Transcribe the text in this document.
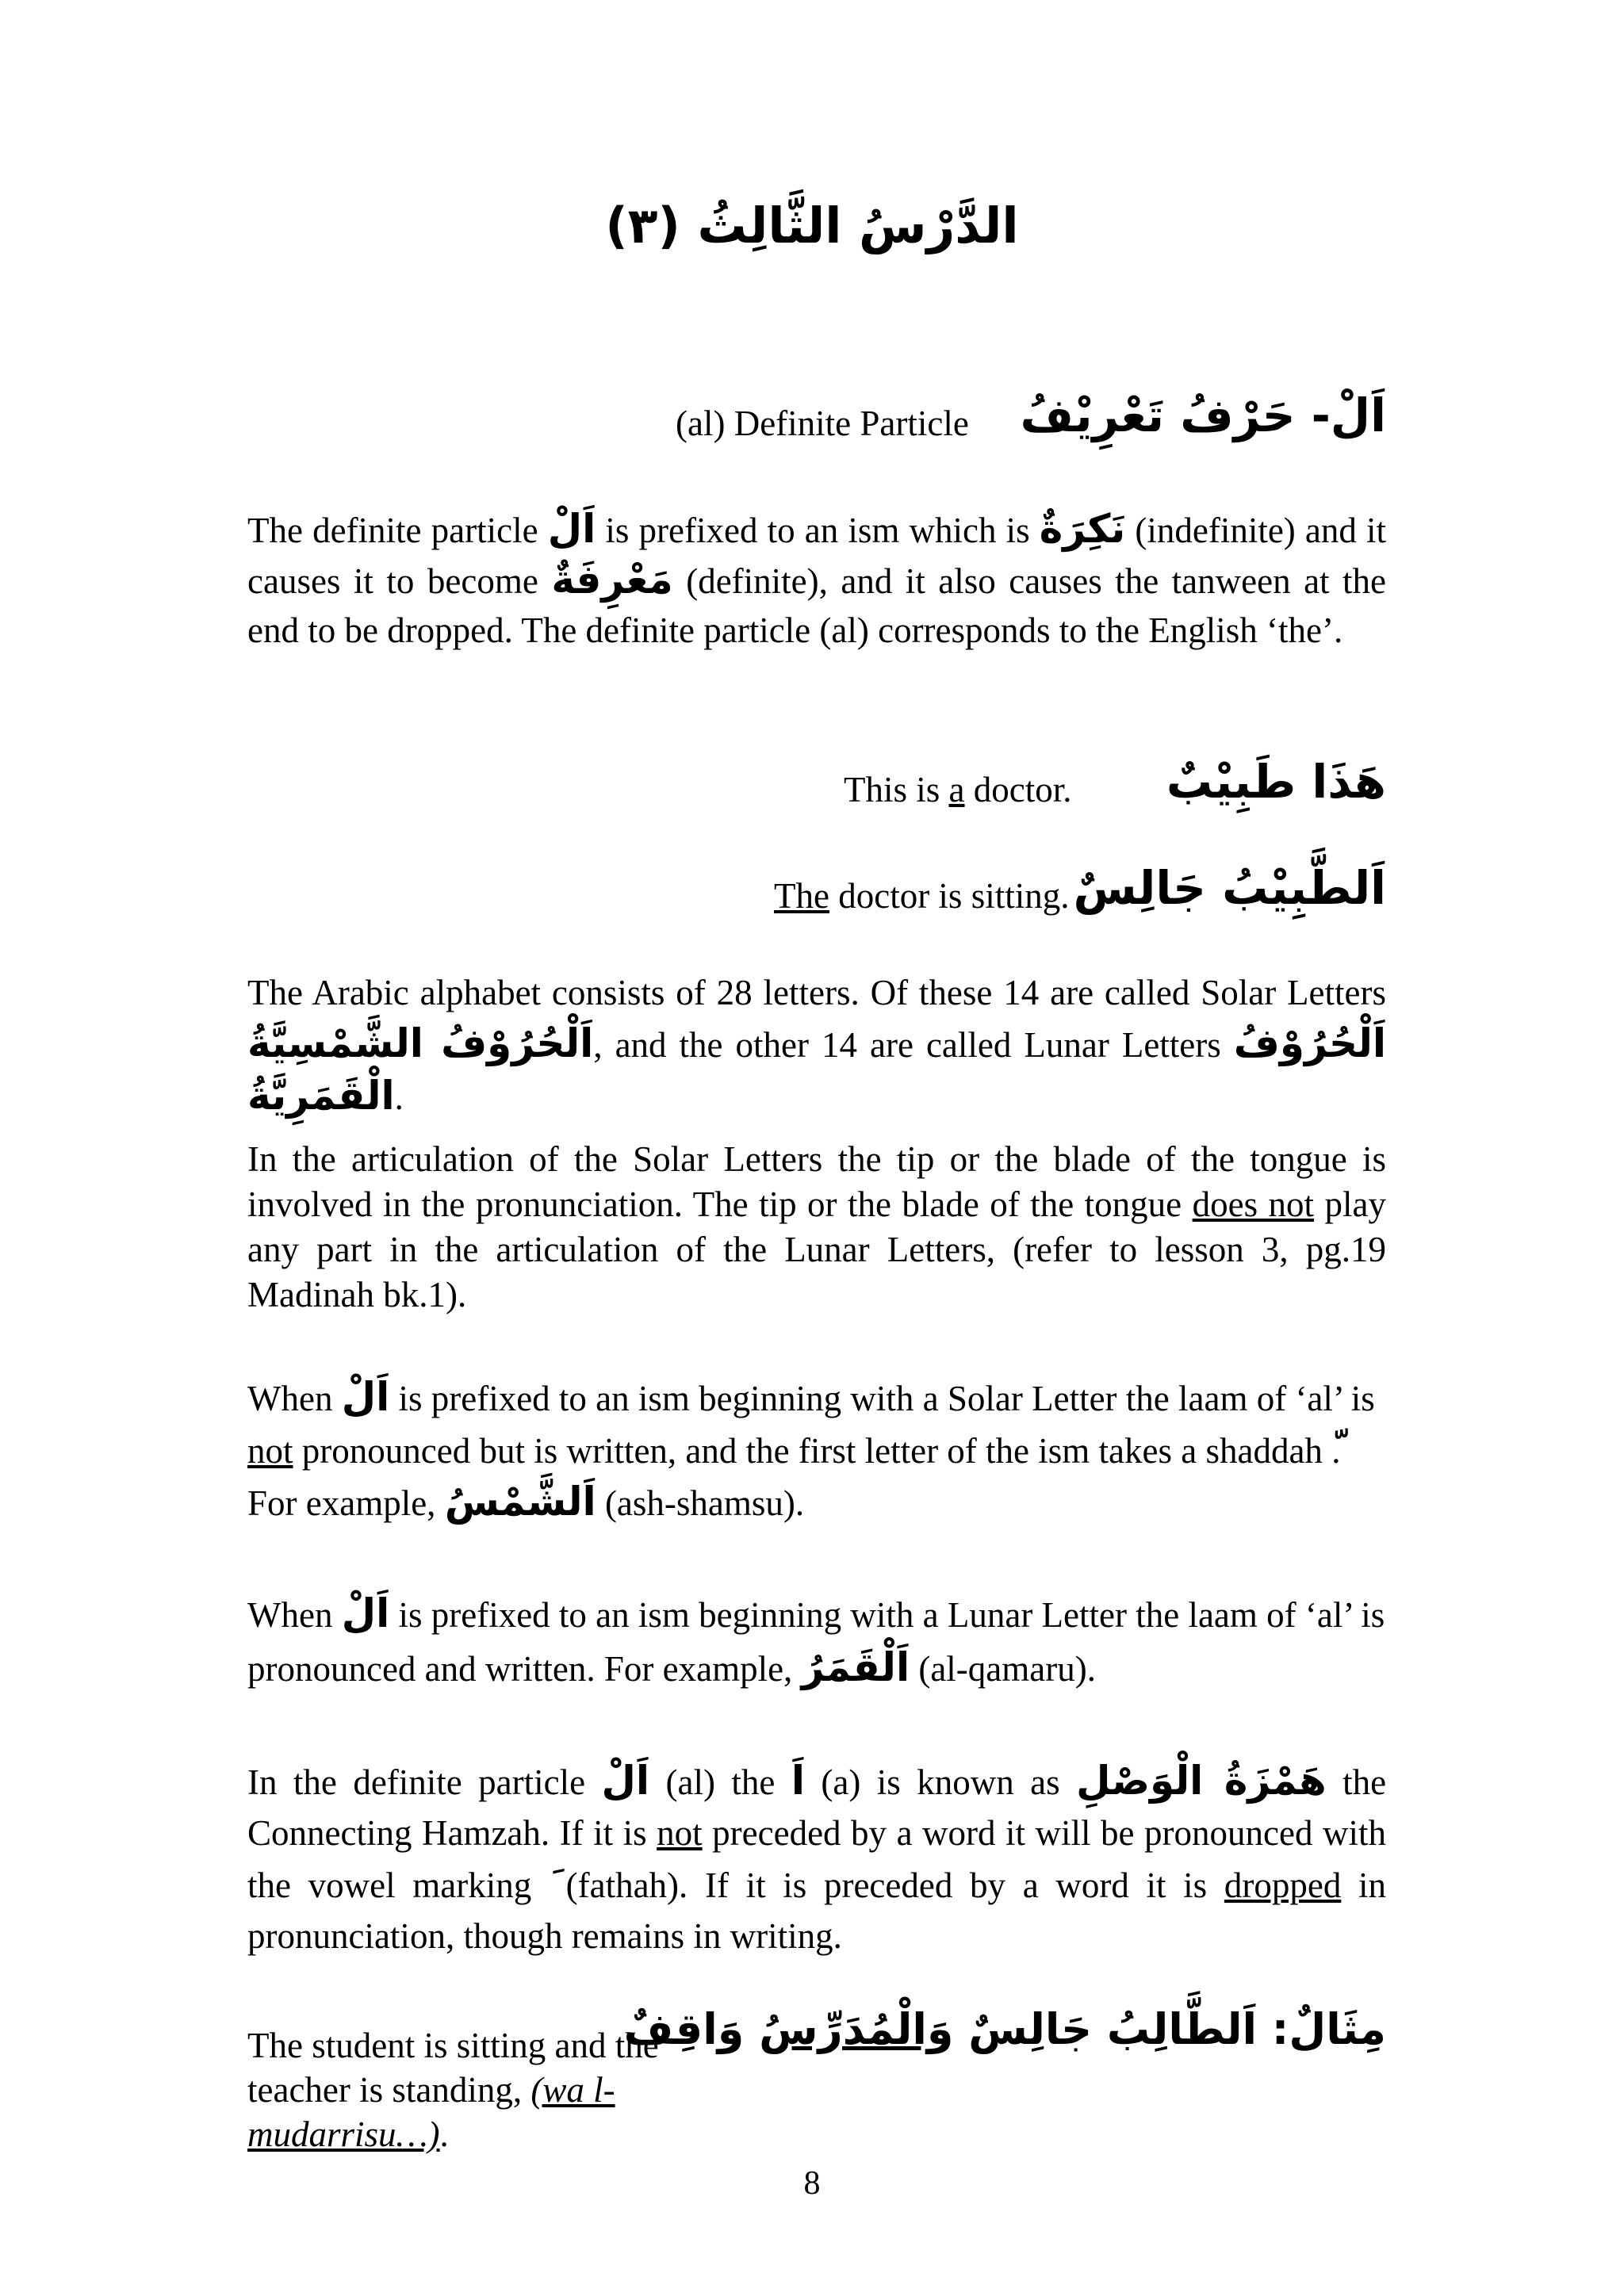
(٣) الدَّرْسُ الثَّالِثُ
(al) Definite Particle اَلْ- حَرْفُ تَعْرِيْفُ
The definite particle اَلْ is prefixed to an ism which is نَكِرَةٌ (indefinite) and it causes it to become مَعْرِفَةٌ (definite), and it also causes the tanween at the end to be dropped. The definite particle (al) corresponds to the English ‘the’.
This is a doctor. هَذَا طَبِيْبٌ
The doctor is sitting. اَلطَّبِيْبُ جَالِسٌ
The Arabic alphabet consists of 28 letters. Of these 14 are called Solar Letters اَلْحُرُوْفُ الشَّمْسِيَّةُ, and the other 14 are called Lunar Letters اَلْحُرُوْفُ الْقَمَرِيَّةُ.
In the articulation of the Solar Letters the tip or the blade of the tongue is involved in the pronunciation. The tip or the blade of the tongue does not play any part in the articulation of the Lunar Letters, (refer to lesson 3, pg.19 Madinah bk.1).
When اَلْ is prefixed to an ism beginning with a Solar Letter the laam of ‘al’ is not pronounced but is written, and the first letter of the ism takes a shaddah . For example, اَلشَّمْسُ (ash-shamsu).
When اَلْ is prefixed to an ism beginning with a Lunar Letter the laam of ‘al’ is pronounced and written. For example, اَلْقَمَرُ (al-qamaru).
In the definite particle اَلْ (al) the اَ (a) is known as هَمْزَةُ الْوَصْلِ the Connecting Hamzah. If it is not preceded by a word it will be pronounced with the vowel marking (fathah). If it is preceded by a word it is dropped in pronunciation, though remains in writing.
The student is sitting and the teacher is standing, (wa l-mudarrisu…).
مِثَالٌ: اَلطَّالِبُ جَالِسٌ وَالْمُدَرِّسُ وَاقِفٌ
8
